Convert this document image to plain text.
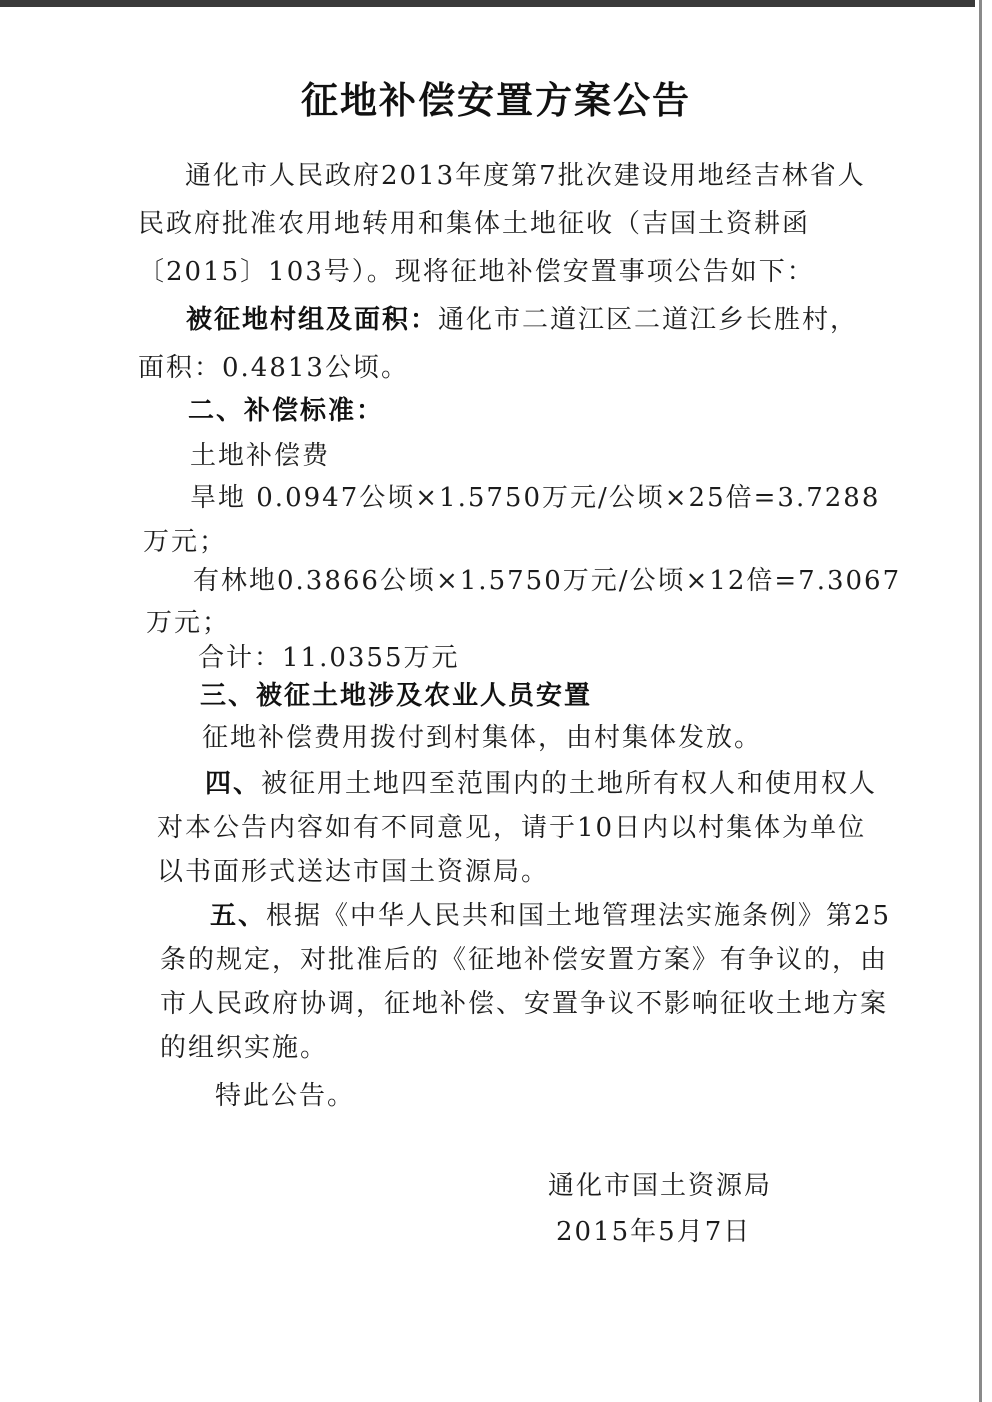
征地补偿安置方案公告
通化市人民政府2013年度第7批次建设用地经吉林省人
民政府批准农用地转用和集体土地征收（吉国土资耕函
〔2015〕103号）。现将征地补偿安置事项公告如下：
被征地村组及面积：通化市二道江区二道江乡长胜村，
面积：0.4813公顷。
二、补偿标准：
土地补偿费
旱地 0.0947公顷×1.5750万元/公顷×25倍=3.7288
万元；
有林地0.3866公顷×1.5750万元/公顷×12倍=7.3067
万元；
合计：11.0355万元
三、被征土地涉及农业人员安置
征地补偿费用拨付到村集体，由村集体发放。
四、被征用土地四至范围内的土地所有权人和使用权人
对本公告内容如有不同意见，请于10日内以村集体为单位
以书面形式送达市国土资源局。
五、根据《中华人民共和国土地管理法实施条例》第25
条的规定，对批准后的《征地补偿安置方案》有争议的，由
市人民政府协调，征地补偿、安置争议不影响征收土地方案
的组织实施。
特此公告。
通化市国土资源局
2015年5月7日
